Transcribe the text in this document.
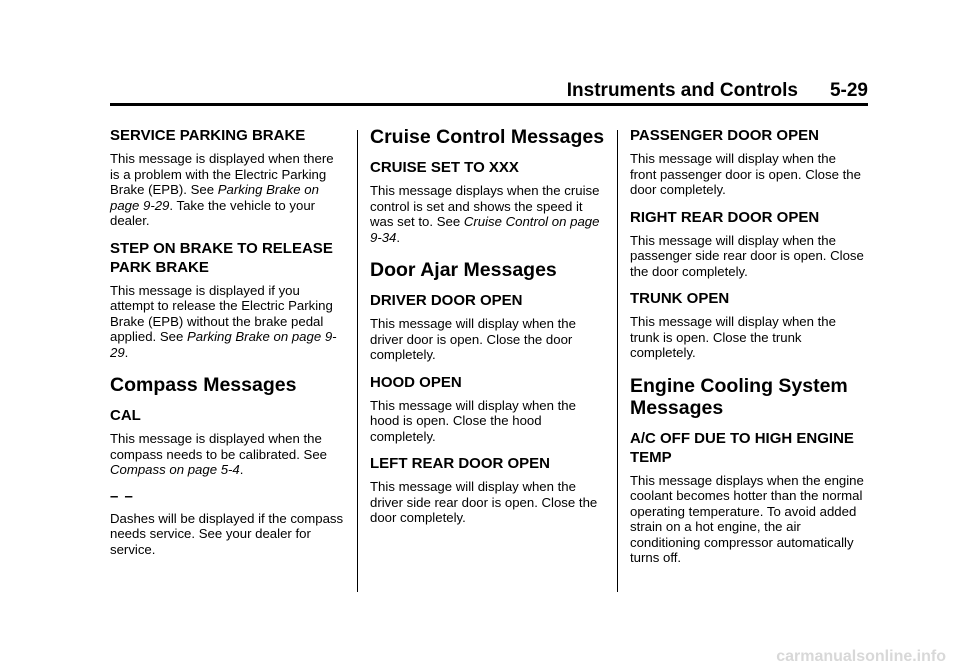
Instruments and Controls 5-29
SERVICE PARKING BRAKE

This message is displayed when there is a problem with the Electric Parking Brake (EPB). See Parking Brake on page 9-29. Take the vehicle to your dealer.

STEP ON BRAKE TO RELEASE PARK BRAKE

This message is displayed if you attempt to release the Electric Parking Brake (EPB) without the brake pedal applied. See Parking Brake on page 9-29.

Compass Messages
CAL

This message is displayed when the compass needs to be calibrated. See Compass on page 5-4.

– –

Dashes will be displayed if the compass needs service. See your dealer for service.

Cruise Control Messages
CRUISE SET TO XXX

This message displays when the cruise control is set and shows the speed it was set to. See Cruise Control on page 9-34.

Door Ajar Messages
DRIVER DOOR OPEN

This message will display when the driver door is open. Close the door completely.

HOOD OPEN

This message will display when the hood is open. Close the hood completely.

LEFT REAR DOOR OPEN

This message will display when the driver side rear door is open. Close the door completely.

PASSENGER DOOR OPEN

This message will display when the front passenger door is open. Close the door completely.

RIGHT REAR DOOR OPEN

This message will display when the passenger side rear door is open. Close the door completely.

TRUNK OPEN

This message will display when the trunk is open. Close the trunk completely.

Engine Cooling System Messages
A/C OFF DUE TO HIGH ENGINE TEMP

This message displays when the engine coolant becomes hotter than the normal operating temperature. To avoid added strain on a hot engine, the air conditioning compressor automatically turns off.

carmanualsonline.info
